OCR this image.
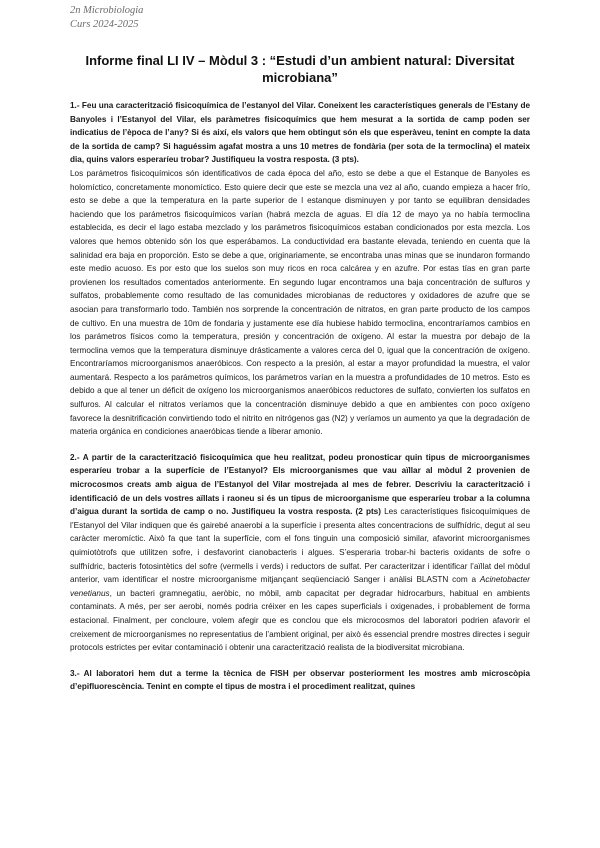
2n Microbiologia
Curs 2024-2025
Informe final LI IV – Mòdul 3 : “Estudi d’un ambient natural: Diversitat microbiana”

1.- Feu una caracterització fisicoquímica de l’estanyol del Vilar. Coneixent les característiques generals de l’Estany de Banyoles i l’Estanyol del Vilar, els paràmetres fisicoquímics que hem mesurat a la sortida de camp poden ser indicatius de l’època de l’any? Si és així, els valors que hem obtingut són els que esperàveu, tenint en compte la data de la sortida de camp? Si haguéssim agafat mostra a uns 10 metres de fondària (per sota de la termoclina) el mateix dia, quins valors esperaríeu trobar? Justifiqueu la vostra resposta. (3 pts).

Los parámetros fisicoquímicos són identificativos de cada época del año, esto se debe a que el Estanque de Banyoles es holomíctico, concretamente monomíctico. Esto quiere decir que este se mezcla una vez al año, cuando empieza a hacer frío, esto se debe a que la temperatura en la parte superior de l estanque disminuyen y por tanto se equilibran densidades haciendo que los parámetros fisicoquímicos varían (habrá mezcla de aguas. El día 12 de mayo ya no había termoclina establecida, es decir el lago estaba mezclado y los parámetros fisicoquímicos estaban condicionados por esta mezcla. Los valores que hemos obtenido són los que esperábamos. La conductividad era bastante elevada, teniendo en cuenta que la salinidad era baja en proporción. Esto se debe a que, originariamente, se encontraba unas minas que se inundaron formando este medio acuoso. Es por esto que los suelos son muy ricos en roca calcárea y en azufre. Por estas tías en gran parte provienen los resultados comentados anteriormente. En segundo lugar encontramos una baja concentración de sulfuros y sulfatos, probablemente como resultado de las comunidades microbianas de reductores y oxidadores de azufre que se asocian para transformarlo todo. También nos sorprende la concentración de nitratos, en gran parte producto de los campos de cultivo. En una muestra de 10m de fondaria y justamente ese día hubiese habido termoclina, encontraríamos cambios en los parámetros físicos como la temperatura, presión y concentración de oxígeno. Al estar la muestra por debajo de la termoclina vemos que la temperatura disminuye drásticamente a valores cerca del 0, igual que la concentración de oxígeno. Encontraríamos microorganismos anaeróbicos. Con respecto a la presión, al estar a mayor profundidad la muestra, el valor aumentará. Respecto a los parámetros químicos, los parámetros varían en la muestra a profundidades de 10 metros. Esto es debido a que al tener un déficit de oxígeno los microorganismos anaeróbicos reductores de sulfato, convierten los sulfatos en sulfuros. Al calcular el nitratos veríamos que la concentración disminuye debido a que en ambientes con poco oxígeno favorece la desnitrificación convirtiendo todo el nitrito en nitrógenos gas (N2) y veríamos un aumento ya que la degradación de materia orgánica en condiciones anaeróbicas tiende a liberar amonio.

2.- A partir de la caracterització fisicoquímica que heu realitzat, podeu pronosticar quin tipus de microorganismes esperaríeu trobar a la superfície de l’Estanyol? Els microorganismes que vau aïllar al mòdul 2 provenien de microcosmos creats amb aigua de l’Estanyol del Vilar mostrejada al mes de febrer. Descriviu la caracterització i identificació de un dels vostres aïllats i raoneu si és un tipus de microorganisme que esperaríeu trobar a la columna d’aigua durant la sortida de camp o no. Justifiqueu la vostra resposta. (2 pts) Les característiques fisicoquímiques de l’Estanyol del Vilar indiquen que és gairebé anaerobi a la superfície i presenta altes concentracions de sulfhídric, degut al seu caràcter meromíctic. Això fa que tant la superfície, com el fons tinguin una composició similar, afavorint microorganismes quimiotòtrofs que utilitzen sofre, i desfavorint cianobacteris i algues. S’esperaria trobar-hi bacteris oxidants de sofre o sulfhídric, bacteris fotosintètics del sofre (vermells i verds) i reductors de sulfat. Per caracteritzar i identificar l’aïllat del mòdul anterior, vam identificar el nostre microorganisme mitjançant seqüenciació Sanger i anàlisi BLASTN com a Acinetobacter venetianus, un bacteri gramnegatiu, aeròbic, no mòbil, amb capacitat per degradar hidrocarburs, habitual en ambients contaminats. A més, per ser aerobi, només podria créixer en les capes superficials i oxigenades, i probablement de forma estacional. Finalment, per concloure, volem afegir que es conclou que els microcosmos del laboratori podrien afavorir el creixement de microorganismes no representatius de l’ambient original, per això és essencial prendre mostres directes i seguir protocols estrictes per evitar contaminació i obtenir una caracterització realista de la biodiversitat microbiana.

3.- Al laboratori hem dut a terme la tècnica de FISH per observar posteriorment les mostres amb microscòpia d’epifluorescència. Tenint en compte el tipus de mostra i el procediment realitzat, quines
